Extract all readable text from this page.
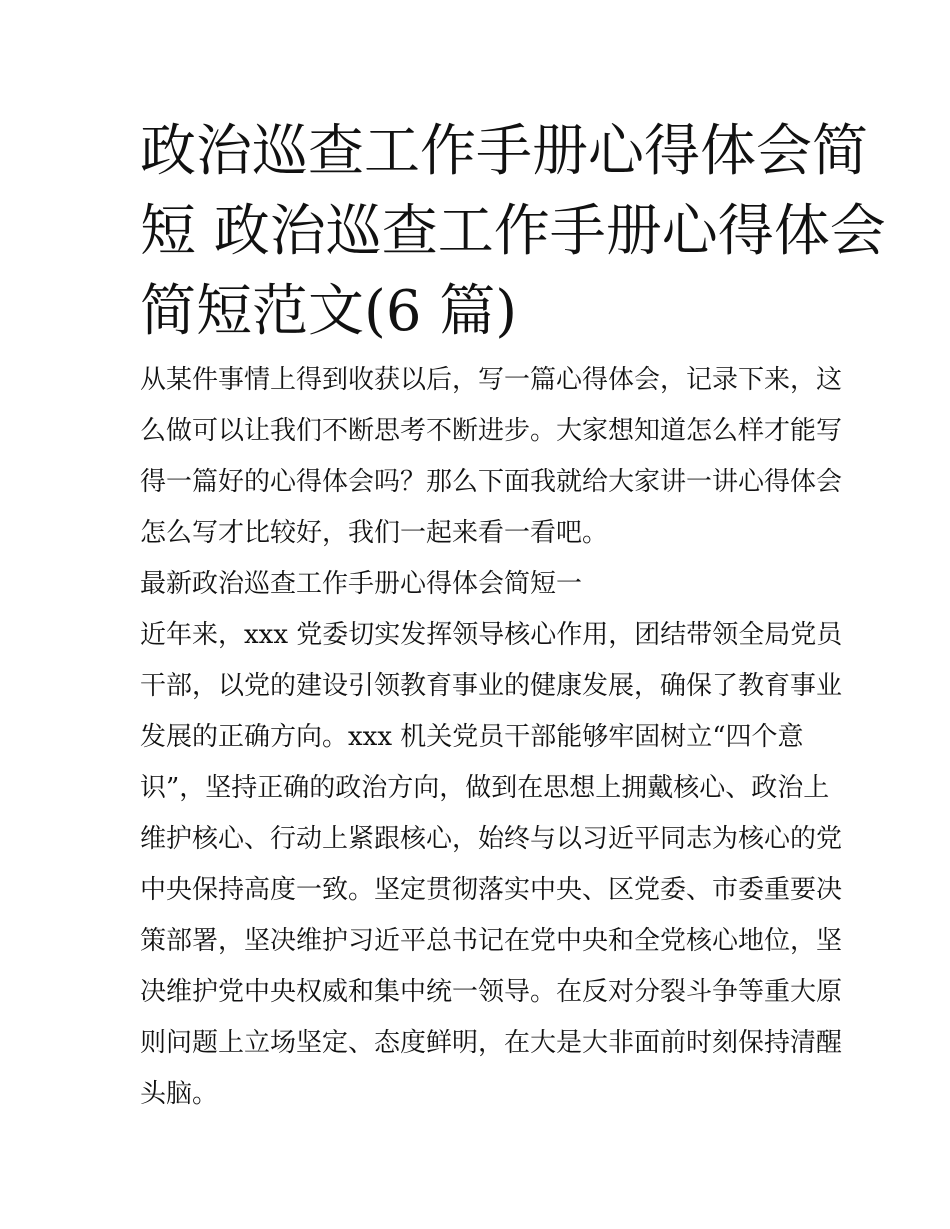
政治巡查工作手册心得体会简
短 政治巡查工作手册心得体会
简短范文(6 篇)
从某件事情上得到收获以后，写一篇心得体会，记录下来，这
么做可以让我们不断思考不断进步。大家想知道怎么样才能写
得一篇好的心得体会吗？那么下面我就给大家讲一讲心得体会
怎么写才比较好，我们一起来看一看吧。
最新政治巡查工作手册心得体会简短一
近年来，xxx 党委切实发挥领导核心作用，团结带领全局党员
干部，以党的建设引领教育事业的健康发展，确保了教育事业
发展的正确方向。xxx 机关党员干部能够牢固树立“四个意
识”，坚持正确的政治方向，做到在思想上拥戴核心、政治上
维护核心、行动上紧跟核心，始终与以习近平同志为核心的党
中央保持高度一致。坚定贯彻落实中央、区党委、市委重要决
策部署，坚决维护习近平总书记在党中央和全党核心地位，坚
决维护党中央权威和集中统一领导。在反对分裂斗争等重大原
则问题上立场坚定、态度鲜明，在大是大非面前时刻保持清醒
头脑。
